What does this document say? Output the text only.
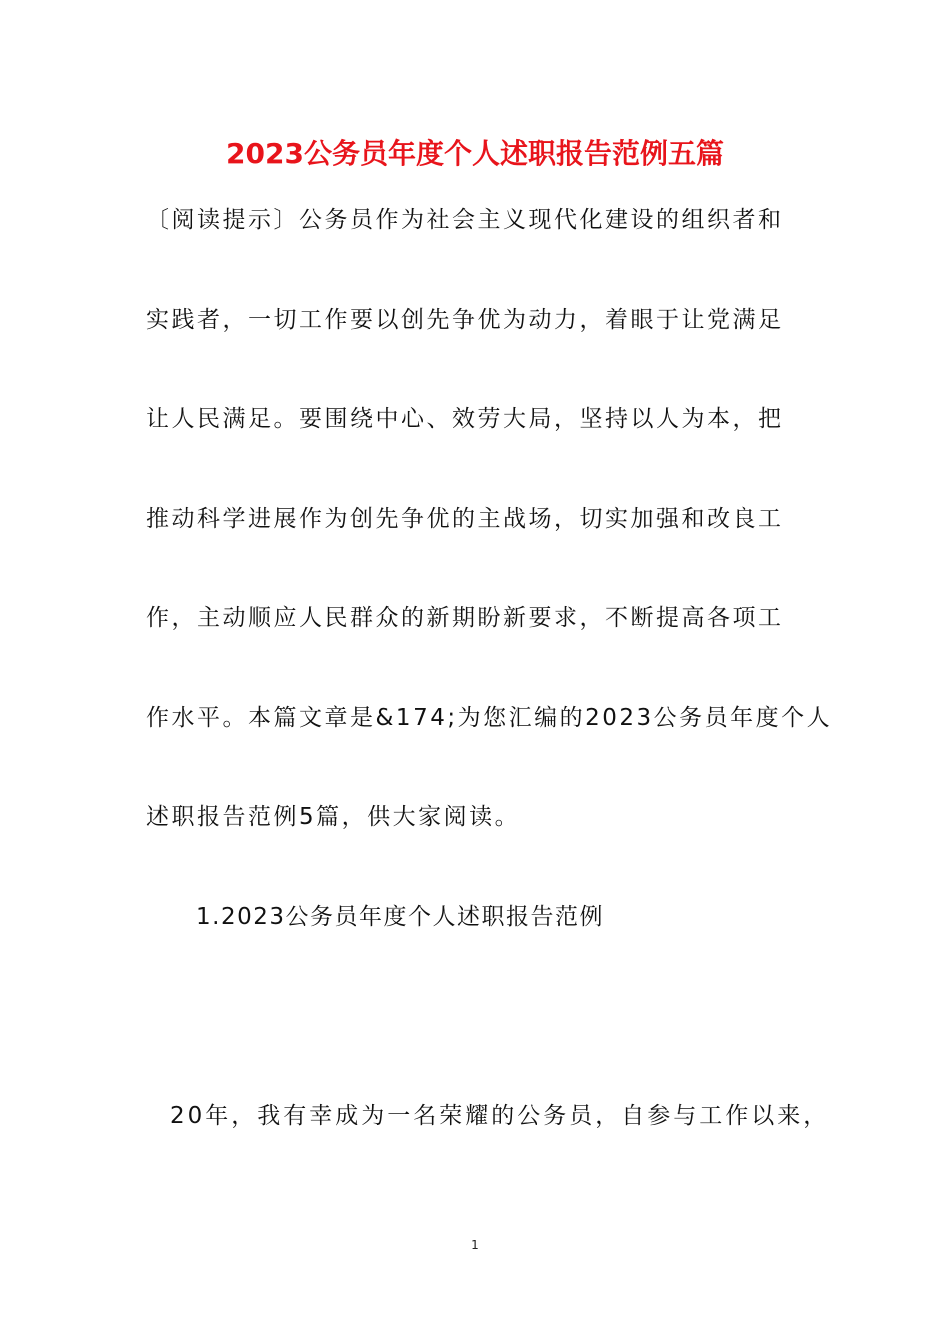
2023公务员年度个人述职报告范例五篇
〔阅读提示〕公务员作为社会主义现代化建设的组织者和
实践者，一切工作要以创先争优为动力，着眼于让党满足
让人民满足。要围绕中心、效劳大局，坚持以人为本，把
推动科学进展作为创先争优的主战场，切实加强和改良工
作，主动顺应人民群众的新期盼新要求，不断提高各项工
作水平。本篇文章是&174;为您汇编的2023公务员年度个人
述职报告范例5篇，供大家阅读。
1.2023公务员年度个人述职报告范例
20年，我有幸成为一名荣耀的公务员，自参与工作以来，
1
